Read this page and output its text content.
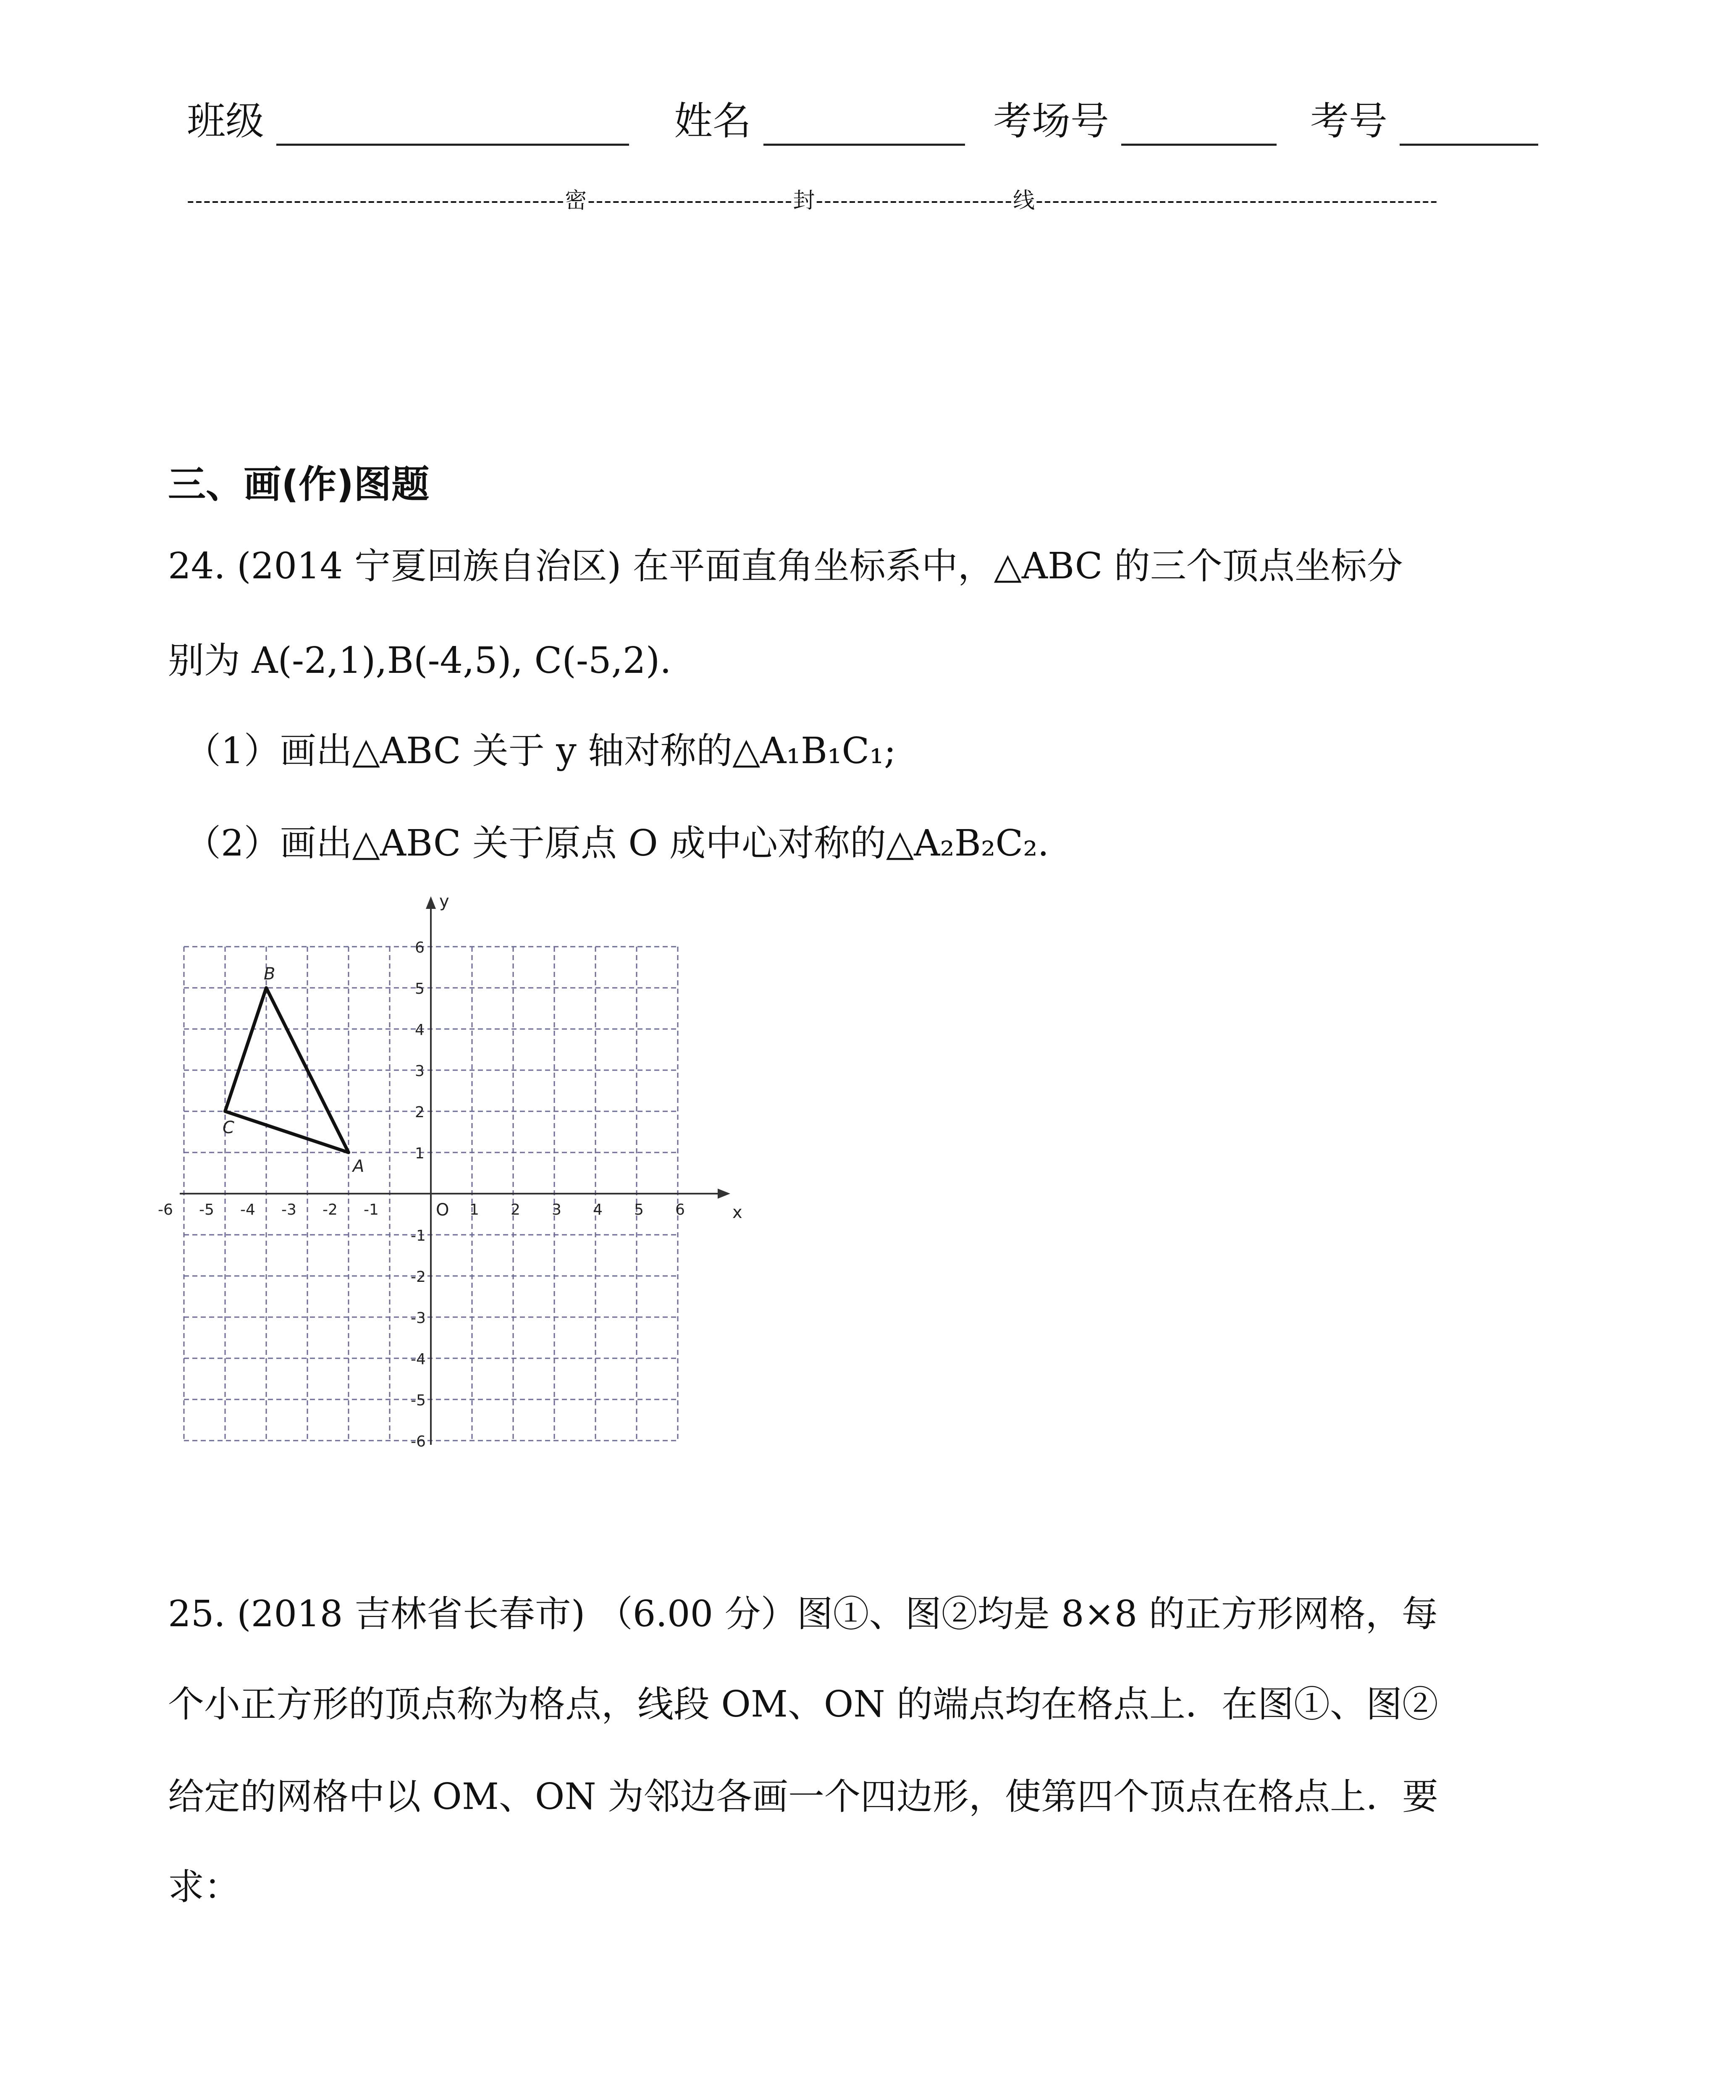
班级	姓名	考场号	考号
----------------------------------------------密-------------------------封------------------------线-------------------------------------------------
三、画(作)图题
24. (2014 宁夏回族自治区) 在平面直角坐标系中，△ABC 的三个顶点坐标分
别为 A(-2,1),B(-4,5), C(-5,2).
（1）画出△ABC 关于 y 轴对称的△A₁B₁C₁;
（2）画出△ABC 关于原点 O 成中心对称的△A₂B₂C₂.
-6 -5 -4 -3 -2 -1	1 2 3 4 5 6
6
5
4
3
2
1
-1
-2
-3
-4
-5
-6
A
B
C
x
y
O
25. (2018 吉林省长春市) （6.00 分）图①、图②均是 8×8 的正方形网格，每
个小正方形的顶点称为格点，线段 OM、ON 的端点均在格点上．在图①、图②
给定的网格中以 OM、ON 为邻边各画一个四边形，使第四个顶点在格点上．要
求：
